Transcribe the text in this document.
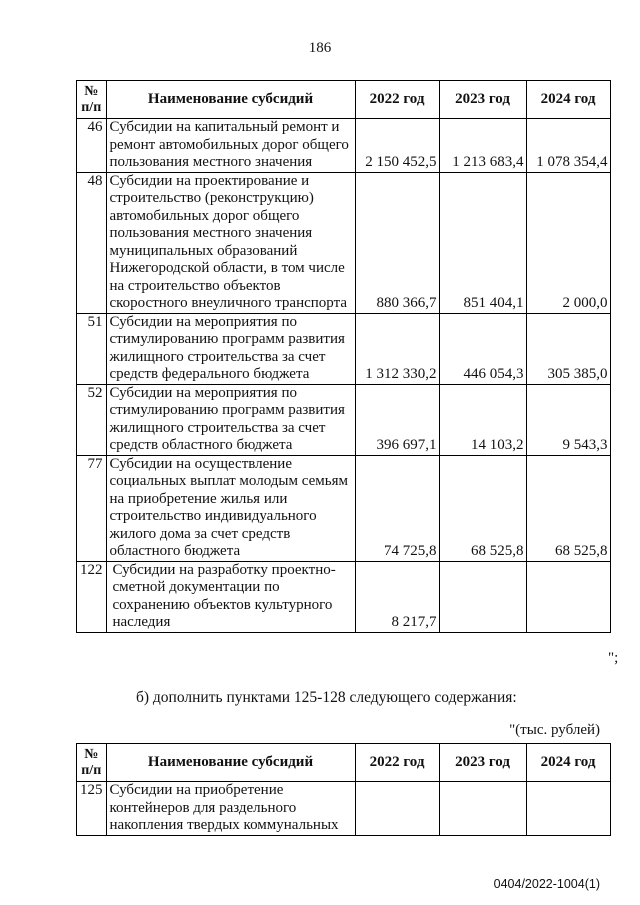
186
№ п/п	Наименование субсидий	2022 год	2023 год	2024 год
46	Субсидии на капитальный ремонт и ремонт автомобильных дорог общего пользования местного значения	2 150 452,5	1 213 683,4	1 078 354,4
48	Субсидии на проектирование и строительство (реконструкцию) автомобильных дорог общего пользования местного значения муниципальных образований Нижегородской области, в том числе на строительство объектов скоростного внеуличного транспорта	880 366,7	851 404,1	2 000,0
51	Субсидии на мероприятия по стимулированию программ развития жилищного строительства за счет средств федерального бюджета	1 312 330,2	446 054,3	305 385,0
52	Субсидии на мероприятия по стимулированию программ развития жилищного строительства за счет средств областного бюджета	396 697,1	14 103,2	9 543,3
77	Субсидии на осуществление социальных выплат молодым семьям на приобретение жилья или строительство индивидуального жилого дома за счет средств областного бюджета	74 725,8	68 525,8	68 525,8
122	Субсидии на разработку проектно-сметной документации по сохранению объектов культурного наследия	8 217,7		
";
б) дополнить пунктами 125-128 следующего содержания:
"(тыс. рублей)
№ п/п	Наименование субсидий	2022 год	2023 год	2024 год
125	Субсидии на приобретение контейнеров для раздельного накопления твердых коммунальных			
0404/2022-1004(1)
